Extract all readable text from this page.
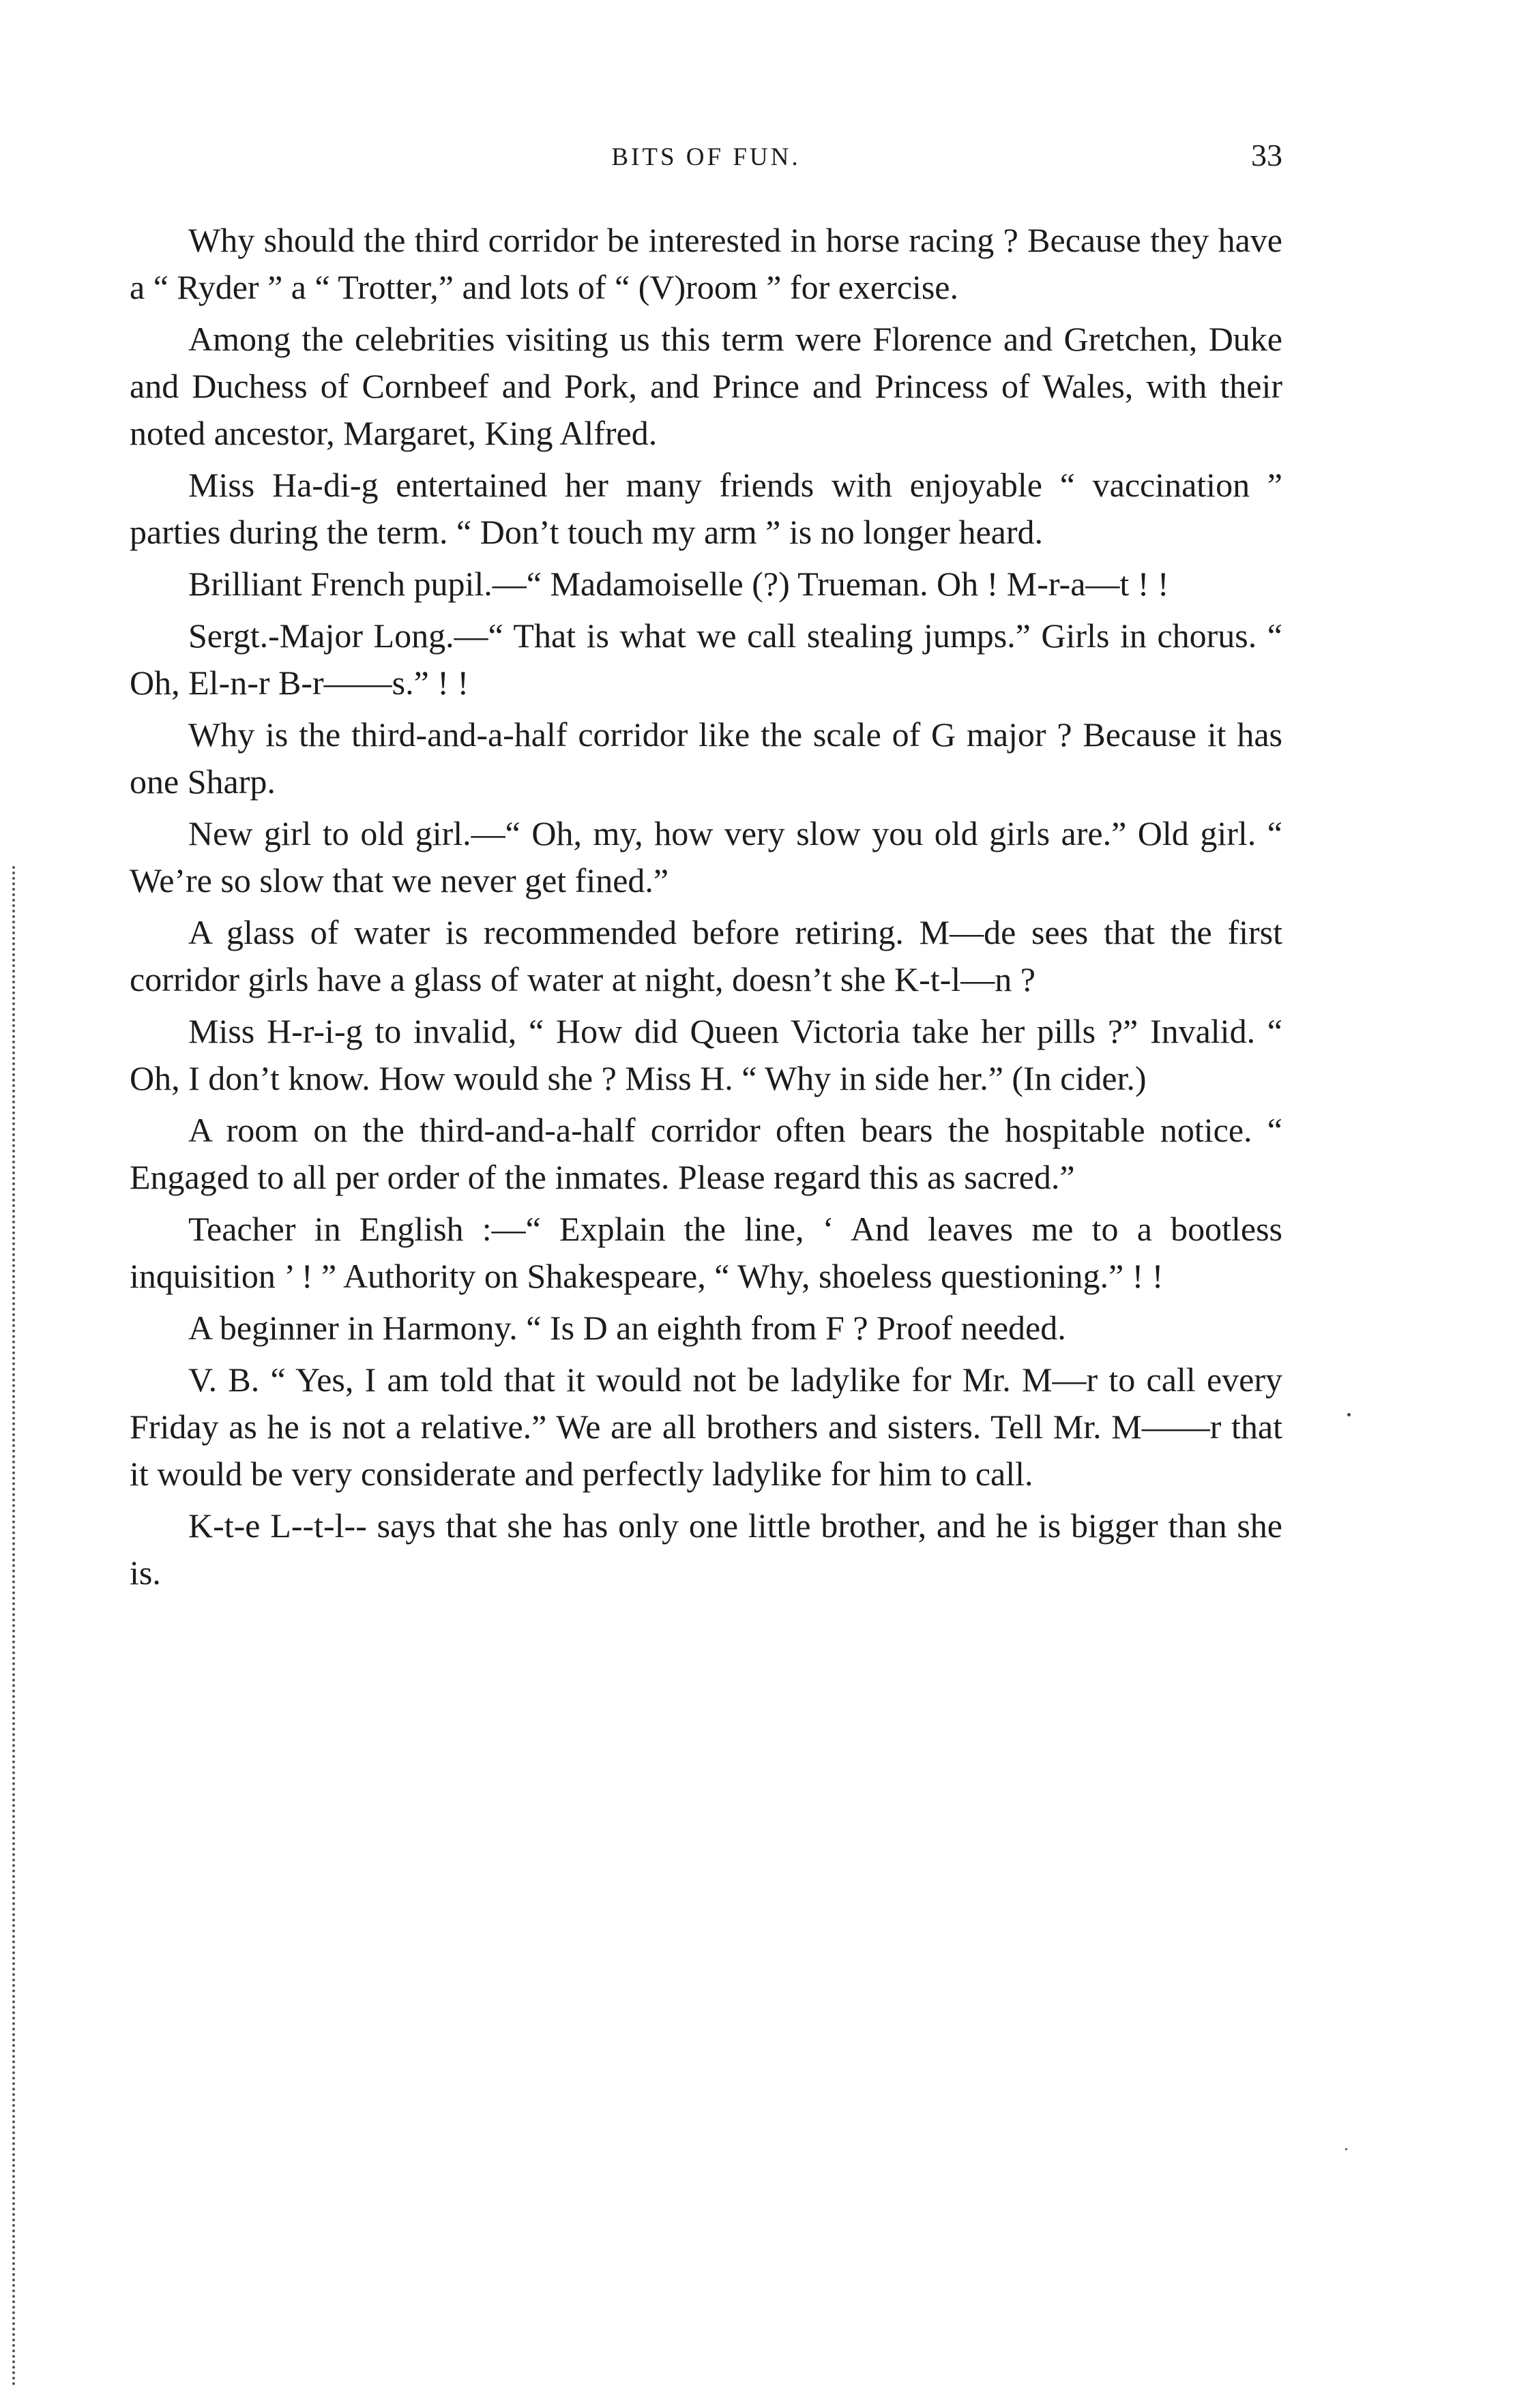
BITS OF FUN.	33

Why should the third corridor be interested in horse racing ? Because they have a “ Ryder ” a “ Trotter,” and lots of “ (V)room ” for exercise.

Among the celebrities visiting us this term were Florence and Gretchen, Duke and Duchess of Cornbeef and Pork, and Prince and Princess of Wales, with their noted ancestor, Margaret, King Alfred.

Miss Ha-di-g entertained her many friends with enjoyable “ vaccination ” parties during the term. “ Don’t touch my arm ” is no longer heard.

Brilliant French pupil.—“ Madamoiselle (?) Trueman. Oh ! M-r-a—t ! !

Sergt.-Major Long.—“ That is what we call stealing jumps.” Girls in chorus. “ Oh, El-n-r B-r——s.” ! !

Why is the third-and-a-half corridor like the scale of G major ? Because it has one Sharp.

New girl to old girl.—“ Oh, my, how very slow you old girls are.” Old girl. “ We’re so slow that we never get fined.”

A glass of water is recommended before retiring. M—de sees that the first corridor girls have a glass of water at night, doesn’t she K-t-l—n ?

Miss H-r-i-g to invalid, “ How did Queen Victoria take her pills ?” Invalid. “ Oh, I don’t know. How would she ? Miss H. “ Why in side her.” (In cider.)

A room on the third-and-a-half corridor often bears the hospitable notice. “ Engaged to all per order of the inmates. Please regard this as sacred.”

Teacher in English :—“ Explain the line, ‘ And leaves me to a bootless inquisition ’ ! ” Authority on Shakespeare, “ Why, shoeless questioning.” ! !

A beginner in Harmony. “ Is D an eighth from F ? Proof needed.

V. B. “ Yes, I am told that it would not be ladylike for Mr. M—r to call every Friday as he is not a relative.” We are all brothers and sisters. Tell Mr. M——r that it would be very considerate and perfectly ladylike for him to call.

K-t-e L--t-l-- says that she has only one little brother, and he is bigger than she is.
